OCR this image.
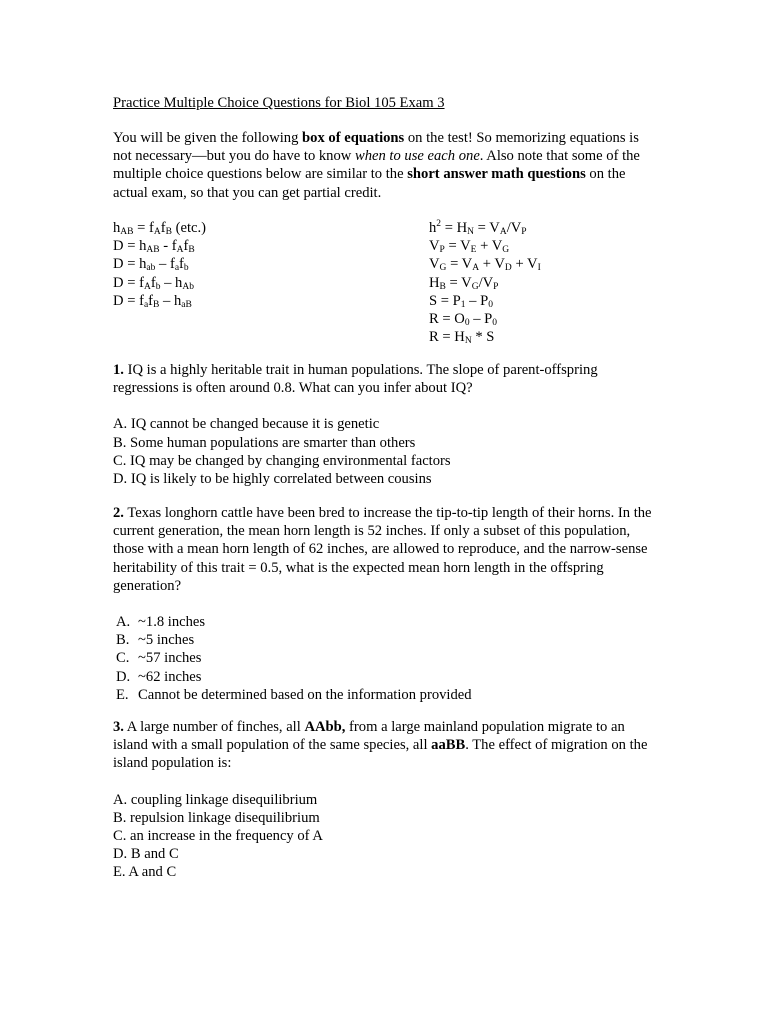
Practice Multiple Choice Questions for Biol 105 Exam 3

You will be given the following box of equations on the test! So memorizing equations is not necessary—but you do have to know when to use each one. Also note that some of the multiple choice questions below are similar to the short answer math questions on the actual exam, so that you can get partial credit.

$h_{AB} = f_Af_B$ (etc.)
$D = h_{AB} - f_Af_B$
$D = h_{ab} - f_af_b$
$D = f_Af_b - h_{Ab}$
$D = f_af_B - h_{aB}$
$h^2 = H_N = V_A/V_P$
$V_P = V_E + V_G$
$V_G = V_A + V_D + V_I$
$H_B = V_G/V_P$
$S = P_1 - P_0$
$R = O_0 - P_0$
$R = H_N * S$
1. IQ is a highly heritable trait in human populations. The slope of parent-offspring regressions is often around 0.8. What can you infer about IQ?
A. IQ cannot be changed because it is genetic
B. Some human populations are smarter than others
C. IQ may be changed by changing environmental factors
D. IQ is likely to be highly correlated between cousins
2. Texas longhorn cattle have been bred to increase the tip-to-tip length of their horns. In the current generation, the mean horn length is 52 inches. If only a subset of this population, those with a mean horn length of 62 inches, are allowed to reproduce, and the narrow-sense heritability of this trait = 0.5, what is the expected mean horn length in the offspring generation?
A. ~1.8 inches
B. ~5 inches
C. ~57 inches
D. ~62 inches
E. Cannot be determined based on the information provided
3. A large number of finches, all AAbb, from a large mainland population migrate to an island with a small population of the same species, all aaBB. The effect of migration on the island population is:
A. coupling linkage disequilibrium
B. repulsion linkage disequilibrium
C. an increase in the frequency of A
D. B and C
E. A and C
